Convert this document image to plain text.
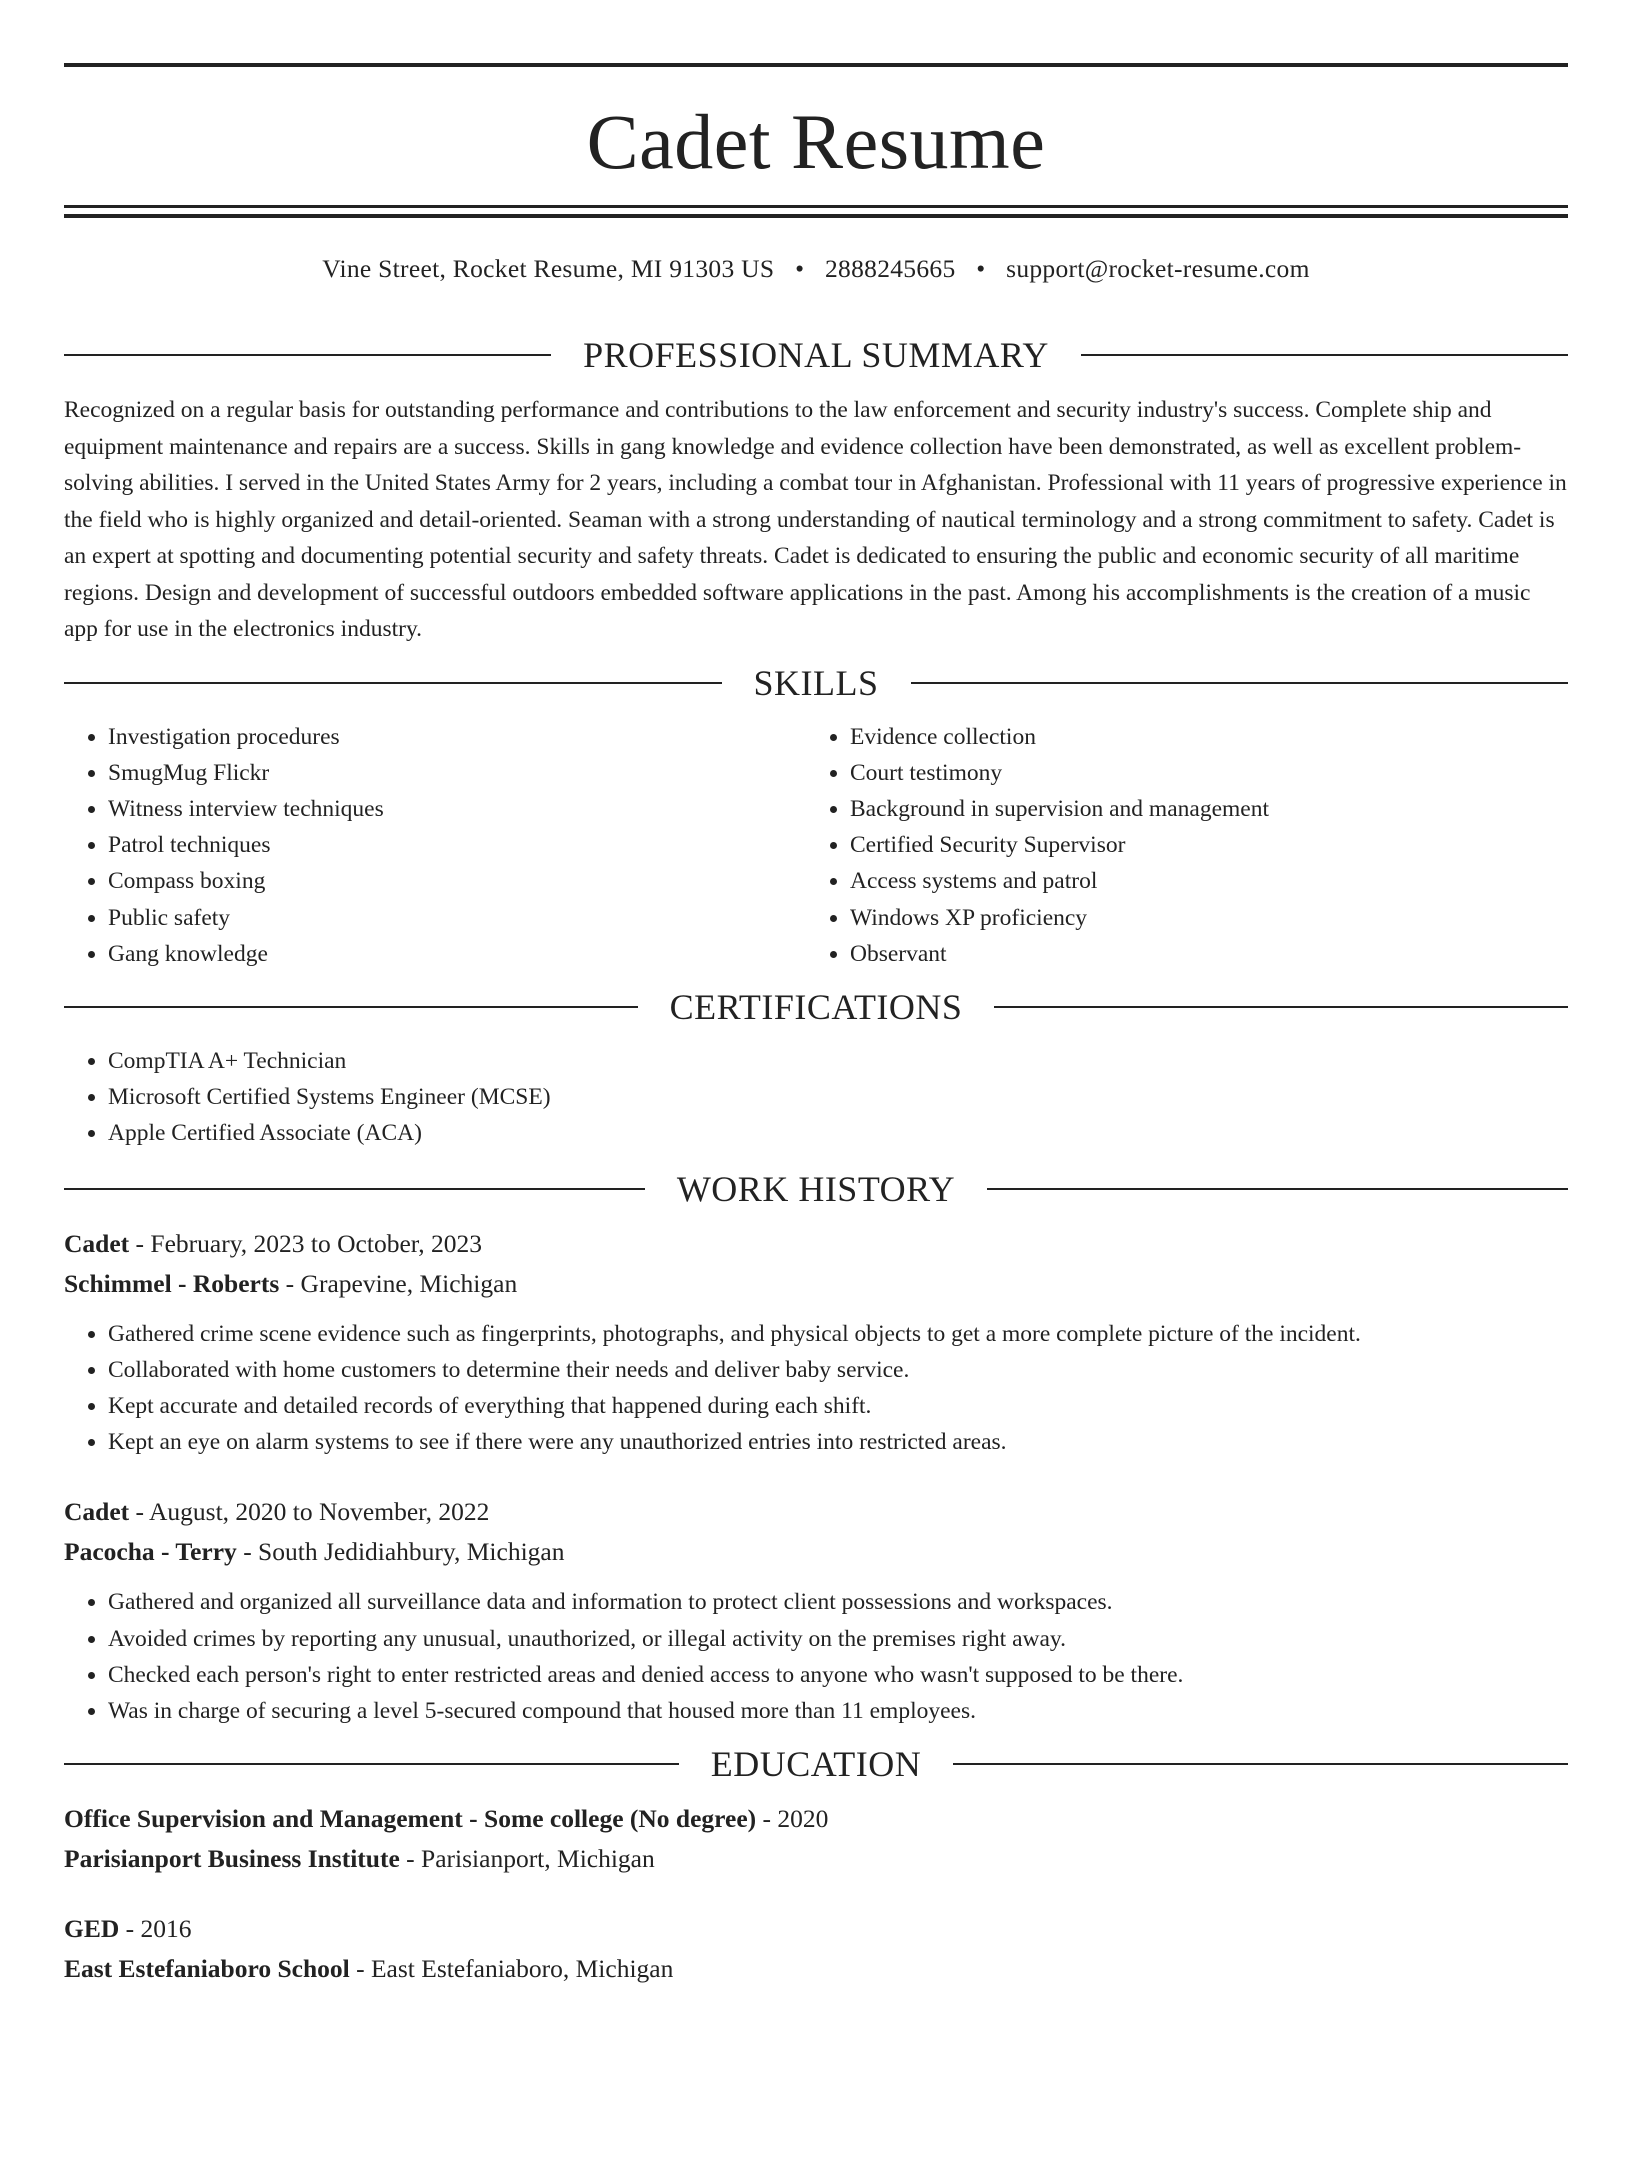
Cadet Resume
Vine Street, Rocket Resume, MI 91303 US • 2888245665 • support@rocket-resume.com
PROFESSIONAL SUMMARY

Recognized on a regular basis for outstanding performance and contributions to the law enforcement and security industry's success. Complete ship and equipment maintenance and repairs are a success. Skills in gang knowledge and evidence collection have been demonstrated, as well as excellent problem-solving abilities. I served in the United States Army for 2 years, including a combat tour in Afghanistan. Professional with 11 years of progressive experience in the field who is highly organized and detail-oriented. Seaman with a strong understanding of nautical terminology and a strong commitment to safety. Cadet is an expert at spotting and documenting potential security and safety threats. Cadet is dedicated to ensuring the public and economic security of all maritime regions. Design and development of successful outdoors embedded software applications in the past. Among his accomplishments is the creation of a music app for use in the electronics industry.

SKILLS
• Investigation procedures
• SmugMug Flickr
• Witness interview techniques
• Patrol techniques
• Compass boxing
• Public safety
• Gang knowledge
• Evidence collection
• Court testimony
• Background in supervision and management
• Certified Security Supervisor
• Access systems and patrol
• Windows XP proficiency
• Observant
CERTIFICATIONS
• CompTIA A+ Technician
• Microsoft Certified Systems Engineer (MCSE)
• Apple Certified Associate (ACA)
WORK HISTORY
Cadet - February, 2023 to October, 2023
Schimmel - Roberts - Grapevine, Michigan
• Gathered crime scene evidence such as fingerprints, photographs, and physical objects to get a more complete picture of the incident.
• Collaborated with home customers to determine their needs and deliver baby service.
• Kept accurate and detailed records of everything that happened during each shift.
• Kept an eye on alarm systems to see if there were any unauthorized entries into restricted areas.
Cadet - August, 2020 to November, 2022
Pacocha - Terry - South Jedidiahbury, Michigan
• Gathered and organized all surveillance data and information to protect client possessions and workspaces.
• Avoided crimes by reporting any unusual, unauthorized, or illegal activity on the premises right away.
• Checked each person's right to enter restricted areas and denied access to anyone who wasn't supposed to be there.
• Was in charge of securing a level 5-secured compound that housed more than 11 employees.
EDUCATION
Office Supervision and Management - Some college (No degree) - 2020
Parisianport Business Institute - Parisianport, Michigan
GED - 2016
East Estefaniaboro School - East Estefaniaboro, Michigan
